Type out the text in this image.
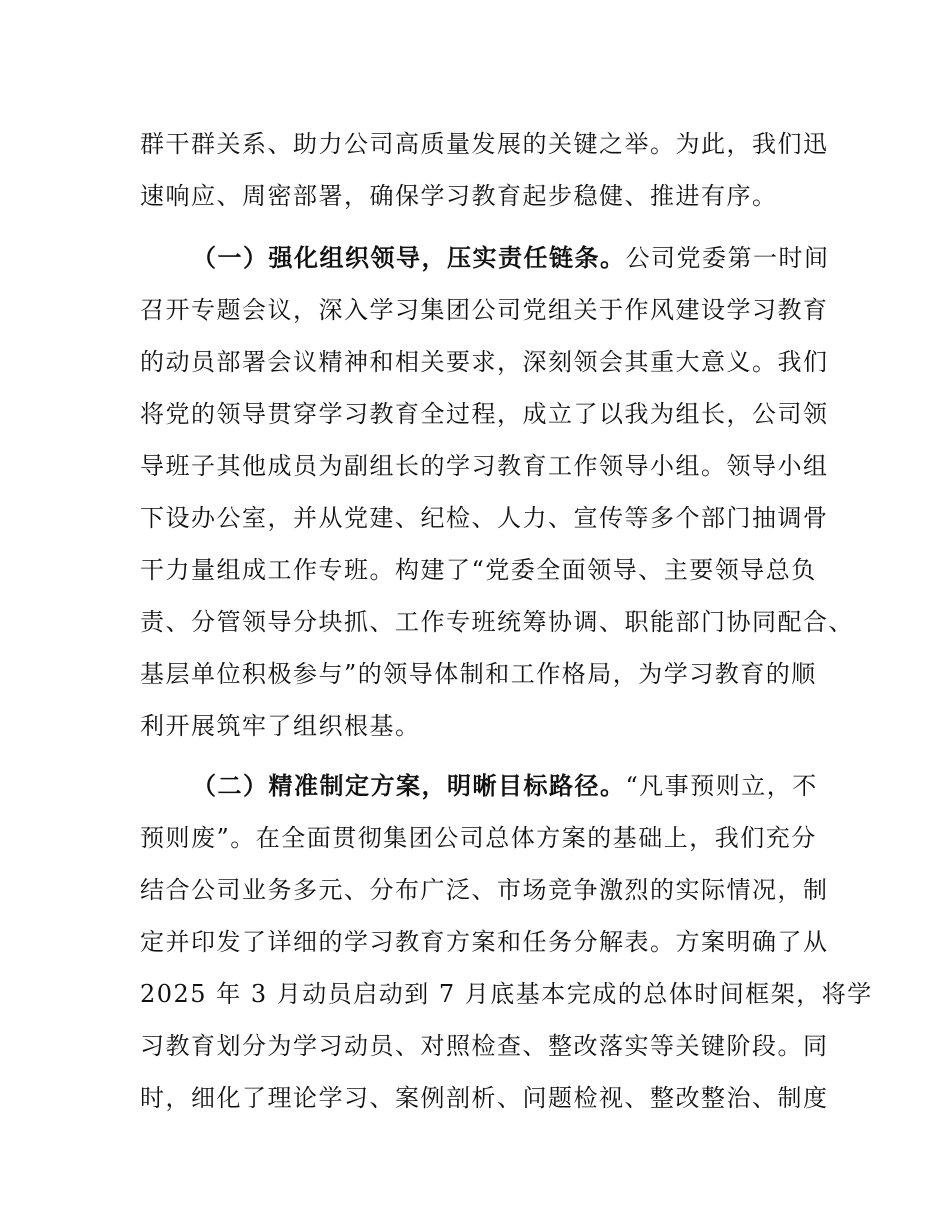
群干群关系、助力公司高质量发展的关键之举。为此，我们迅
速响应、周密部署，确保学习教育起步稳健、推进有序。
（一）强化组织领导，压实责任链条。公司党委第一时间
召开专题会议，深入学习集团公司党组关于作风建设学习教育
的动员部署会议精神和相关要求，深刻领会其重大意义。我们
将党的领导贯穿学习教育全过程，成立了以我为组长，公司领
导班子其他成员为副组长的学习教育工作领导小组。领导小组
下设办公室，并从党建、纪检、人力、宣传等多个部门抽调骨
干力量组成工作专班。构建了“党委全面领导、主要领导总负
责、分管领导分块抓、工作专班统筹协调、职能部门协同配合、
基层单位积极参与”的领导体制和工作格局，为学习教育的顺
利开展筑牢了组织根基。
（二）精准制定方案，明晰目标路径。“凡事预则立，不
预则废”。在全面贯彻集团公司总体方案的基础上，我们充分
结合公司业务多元、分布广泛、市场竞争激烈的实际情况，制
定并印发了详细的学习教育方案和任务分解表。方案明确了从
2025 年 3 月动员启动到 7 月底基本完成的总体时间框架，将学
习教育划分为学习动员、对照检查、整改落实等关键阶段。同
时，细化了理论学习、案例剖析、问题检视、整改整治、制度
